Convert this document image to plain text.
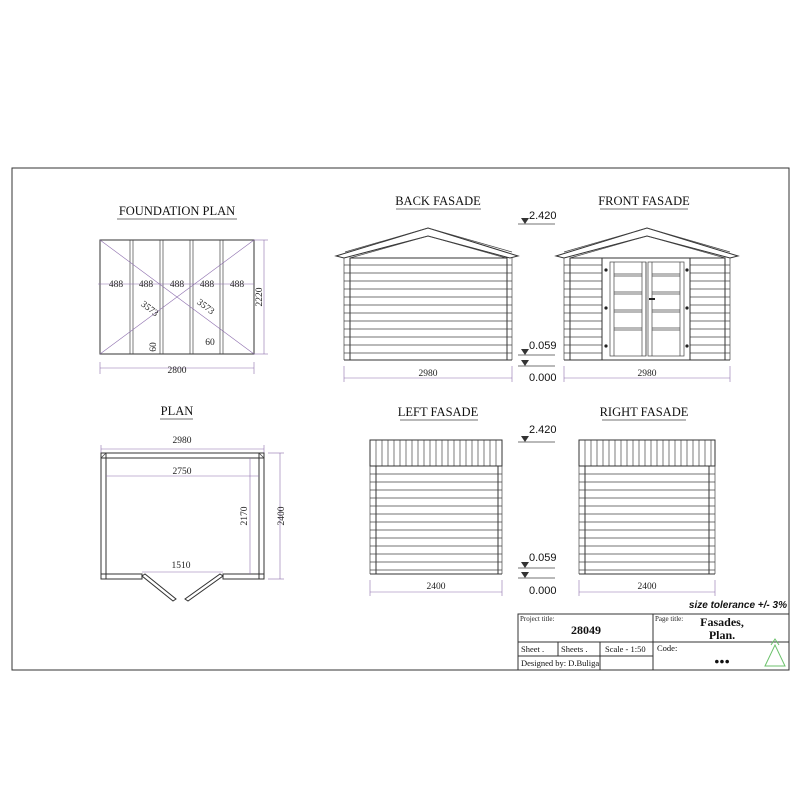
FOUNDATION PLAN
488 488 488 488 488
3573	3573
2220
60	60
2800
BACK FASADE
2980
2.420
0.059
0.000
FRONT FASADE
2980
PLAN
2980
2750
2170	2400
1510
LEFT FASADE
2400
2.420
0.059
0.000
RIGHT FASADE
2400
size tolerance +/- 3%
Project title:
28049
Page title: Fasades,
Plan.
Sheet . Sheets . Scale - 1:50 Code:
●●●
Designed by: D.Buliga
